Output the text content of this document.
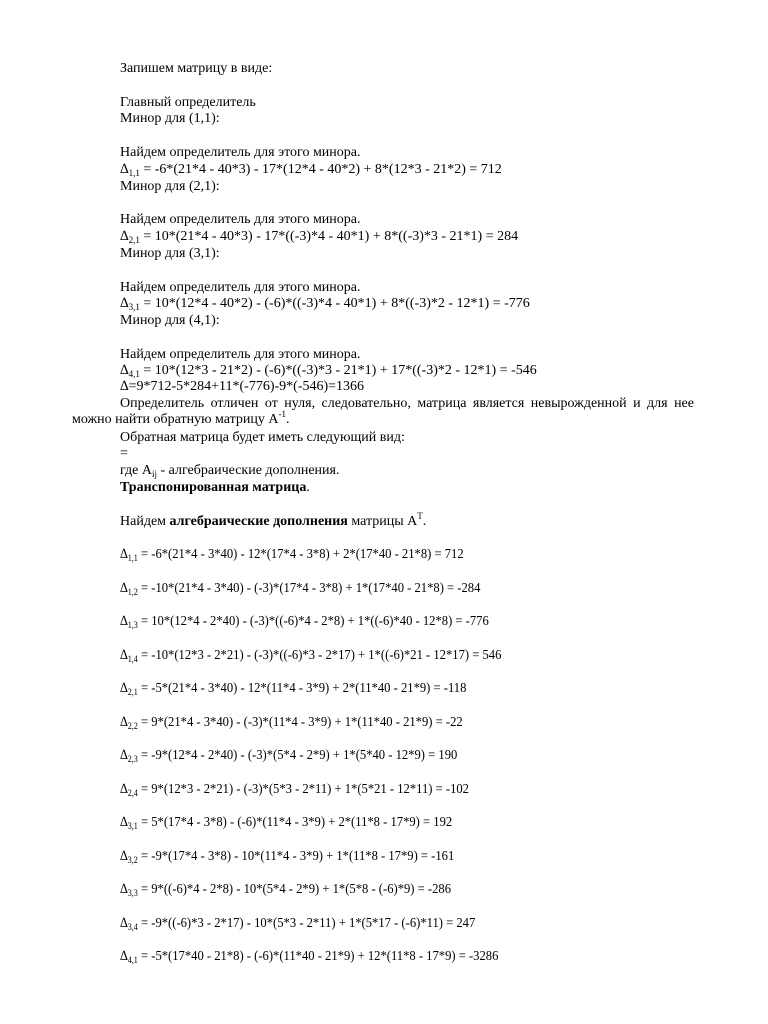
Запишем матрицу в виде:
Главный определитель
Минор для (1,1):
Найдем определитель для этого минора.
$\Delta_{1,1} = -6*(21*4 - 40*3) - 17*(12*4 - 40*2) + 8*(12*3 - 21*2) = 712$
Минор для (2,1):
Найдем определитель для этого минора.
$\Delta_{2,1} = 10*(21*4 - 40*3) - 17*((-3)*4 - 40*1) + 8*((-3)*3 - 21*1) = 284$
Минор для (3,1):
Найдем определитель для этого минора.
$\Delta_{3,1} = 10*(12*4 - 40*2) - (-6)*((-3)*4 - 40*1) + 8*((-3)*2 - 12*1) = -776$
Минор для (4,1):
Найдем определитель для этого минора.
$\Delta_{4,1} = 10*(12*3 - 21*2) - (-6)*((-3)*3 - 21*1) + 17*((-3)*2 - 12*1) = -546$
∆=9*712-5*284+11*(-776)-9*(-546)=1366
Определитель отличен от нуля, следовательно, матрица является невырожденной и для нее можно найти обратную матрицу $A^{-1}$.
Обратная матрица будет иметь следующий вид:
=
где $A_{ij}$ - алгебраические дополнения.
Транспонированная матрица.
Найдем алгебраические дополнения матрицы $A^T$.
$\Delta_{1,1} = -6*(21*4 - 3*40) - 12*(17*4 - 3*8) + 2*(17*40 - 21*8) = 712$
$\Delta_{1,2} = -10*(21*4 - 3*40) - (-3)*(17*4 - 3*8) + 1*(17*40 - 21*8) = -284$
$\Delta_{1,3} = 10*(12*4 - 2*40) - (-3)*((-6)*4 - 2*8) + 1*((-6)*40 - 12*8) = -776$
$\Delta_{1,4} = -10*(12*3 - 2*21) - (-3)*((-6)*3 - 2*17) + 1*((-6)*21 - 12*17) = 546$
$\Delta_{2,1} = -5*(21*4 - 3*40) - 12*(11*4 - 3*9) + 2*(11*40 - 21*9) = -118$
$\Delta_{2,2} = 9*(21*4 - 3*40) - (-3)*(11*4 - 3*9) + 1*(11*40 - 21*9) = -22$
$\Delta_{2,3} = -9*(12*4 - 2*40) - (-3)*(5*4 - 2*9) + 1*(5*40 - 12*9) = 190$
$\Delta_{2,4} = 9*(12*3 - 2*21) - (-3)*(5*3 - 2*11) + 1*(5*21 - 12*11) = -102$
$\Delta_{3,1} = 5*(17*4 - 3*8) - (-6)*(11*4 - 3*9) + 2*(11*8 - 17*9) = 192$
$\Delta_{3,2} = -9*(17*4 - 3*8) - 10*(11*4 - 3*9) + 1*(11*8 - 17*9) = -161$
$\Delta_{3,3} = 9*((-6)*4 - 2*8) - 10*(5*4 - 2*9) + 1*(5*8 - (-6)*9) = -286$
$\Delta_{3,4} = -9*((-6)*3 - 2*17) - 10*(5*3 - 2*11) + 1*(5*17 - (-6)*11) = 247$
$\Delta_{4,1} = -5*(17*40 - 21*8) - (-6)*(11*40 - 21*9) + 12*(11*8 - 17*9) = -3286$
